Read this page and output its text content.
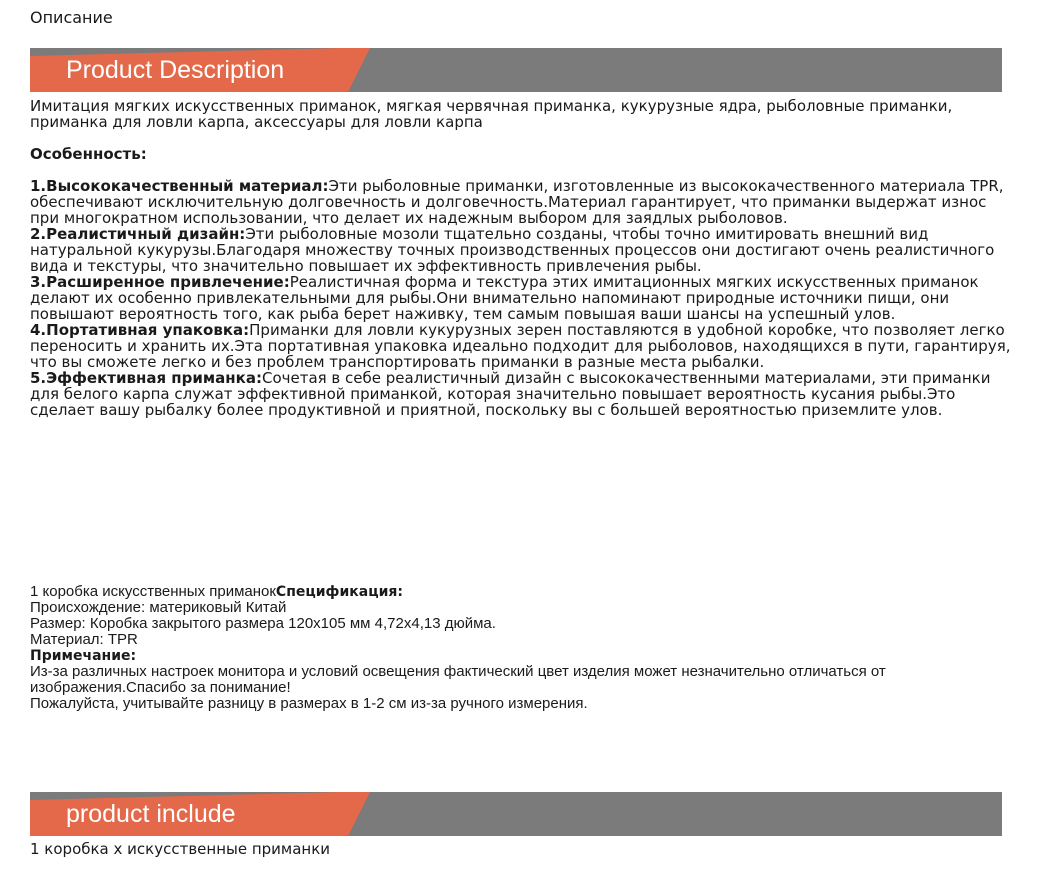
Описание
Product Description

Имитация мягких искусственных приманок, мягкая червячная приманка, кукурузные ядра, рыболовные приманки, приманка для ловли карпа, аксессуары для ловли карпа

Особенность:

1.Высококачественный материал:Эти рыболовные приманки, изготовленные из высококачественного материала TPR, обеспечивают исключительную долговечность и долговечность.Материал гарантирует, что приманки выдержат износ при многократном использовании, что делает их надежным выбором для заядлых рыболовов.

2.Реалистичный дизайн:Эти рыболовные мозоли тщательно созданы, чтобы точно имитировать внешний вид натуральной кукурузы.Благодаря множеству точных производственных процессов они достигают очень реалистичного вида и текстуры, что значительно повышает их эффективность привлечения рыбы.

3.Расширенное привлечение:Реалистичная форма и текстура этих имитационных мягких искусственных приманок делают их особенно привлекательными для рыбы.Они внимательно напоминают природные источники пищи, они повышают вероятность того, как рыба берет наживку, тем самым повышая ваши шансы на успешный улов.

4.Портативная упаковка:Приманки для ловли кукурузных зерен поставляются в удобной коробке, что позволяет легко переносить и хранить их.Эта портативная упаковка идеально подходит для рыболовов, находящихся в пути, гарантируя, что вы сможете легко и без проблем транспортировать приманки в разные места рыбалки.

5.Эффективная приманка:Сочетая в себе реалистичный дизайн с высококачественными материалами, эти приманки для белого карпа служат эффективной приманкой, которая значительно повышает вероятность кусания рыбы.Это сделает вашу рыбалку более продуктивной и приятной, поскольку вы с большей вероятностью приземлите улов.

1 коробка искусственных приманокСпецификация:
Происхождение: материковый Китай
Размер: Коробка закрытого размера 120x105 мм 4,72x4,13 дюйма.
Материал: TPR
Примечание:
Из-за различных настроек монитора и условий освещения фактический цвет изделия может незначительно отличаться от изображения.Спасибо за понимание!
Пожалуйста, учитывайте разницу в размерах в 1-2 см из-за ручного измерения.
product include
1 коробка x искусственные приманки
